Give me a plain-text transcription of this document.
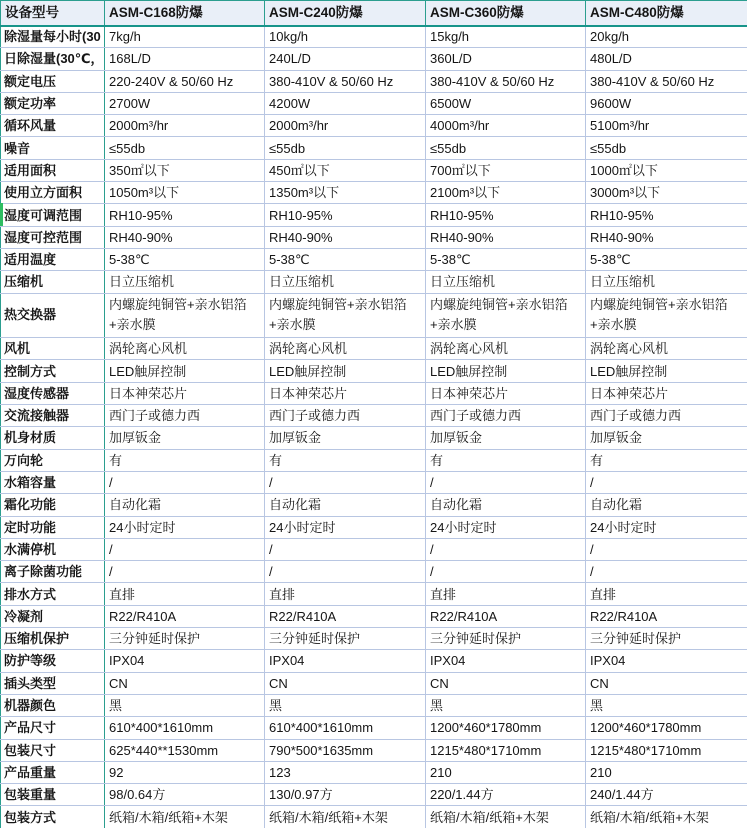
设备型号	ASM-C168防爆	ASM-C240防爆	ASM-C360防爆	ASM-C480防爆
除湿量每小时(30	7kg/h	10kg/h	15kg/h	20kg/h
日除湿量(30℃，	168L/D	240L/D	360L/D	480L/D
额定电压	220-240V & 50/60 Hz	380-410V & 50/60 Hz	380-410V & 50/60 Hz	380-410V & 50/60 Hz
额定功率	2700W	4200W	6500W	9600W
循环风量	2000m³/hr	2000m³/hr	4000m³/hr	5100m³/hr
噪音	≤55db	≤55db	≤55db	≤55db
适用面积	350㎡以下	450㎡以下	700㎡以下	1000㎡以下
使用立方面积	1050m³以下	1350m³以下	2100m³以下	3000m³以下
湿度可调范围	RH10-95%	RH10-95%	RH10-95%	RH10-95%
湿度可控范围	RH40-90%	RH40-90%	RH40-90%	RH40-90%
适用温度	5-38℃	5-38℃	5-38℃	5-38℃
压缩机	日立压缩机	日立压缩机	日立压缩机	日立压缩机
热交换器	内螺旋纯铜管+亲水铝箔+亲水膜	内螺旋纯铜管+亲水铝箔+亲水膜	内螺旋纯铜管+亲水铝箔+亲水膜	内螺旋纯铜管+亲水铝箔+亲水膜
风机	涡轮离心风机	涡轮离心风机	涡轮离心风机	涡轮离心风机
控制方式	LED触屏控制	LED触屏控制	LED触屏控制	LED触屏控制
湿度传感器	日本神荣芯片	日本神荣芯片	日本神荣芯片	日本神荣芯片
交流接触器	西门子或德力西	西门子或德力西	西门子或德力西	西门子或德力西
机身材质	加厚钣金	加厚钣金	加厚钣金	加厚钣金
万向轮	有	有	有	有
水箱容量	/	/	/	/
霜化功能	自动化霜	自动化霜	自动化霜	自动化霜
定时功能	24小时定时	24小时定时	24小时定时	24小时定时
水满停机	/	/	/	/
离子除菌功能	/	/	/	/
排水方式	直排	直排	直排	直排
冷凝剂	R22/R410A	R22/R410A	R22/R410A	R22/R410A
压缩机保护	三分钟延时保护	三分钟延时保护	三分钟延时保护	三分钟延时保护
防护等级	IPX04	IPX04	IPX04	IPX04
插头类型	CN	CN	CN	CN
机器颜色	黑	黑	黑	黑
产品尺寸	610*400*1610mm	610*400*1610mm	1200*460*1780mm	1200*460*1780mm
包装尺寸	625*440**1530mm	790*500*1635mm	1215*480*1710mm	1215*480*1710mm
产品重量	92	123	210	210
包装重量	98/0.64方	130/0.97方	220/1.44方	240/1.44方
包装方式	纸箱/木箱/纸箱+木架	纸箱/木箱/纸箱+木架	纸箱/木箱/纸箱+木架	纸箱/木箱/纸箱+木架
